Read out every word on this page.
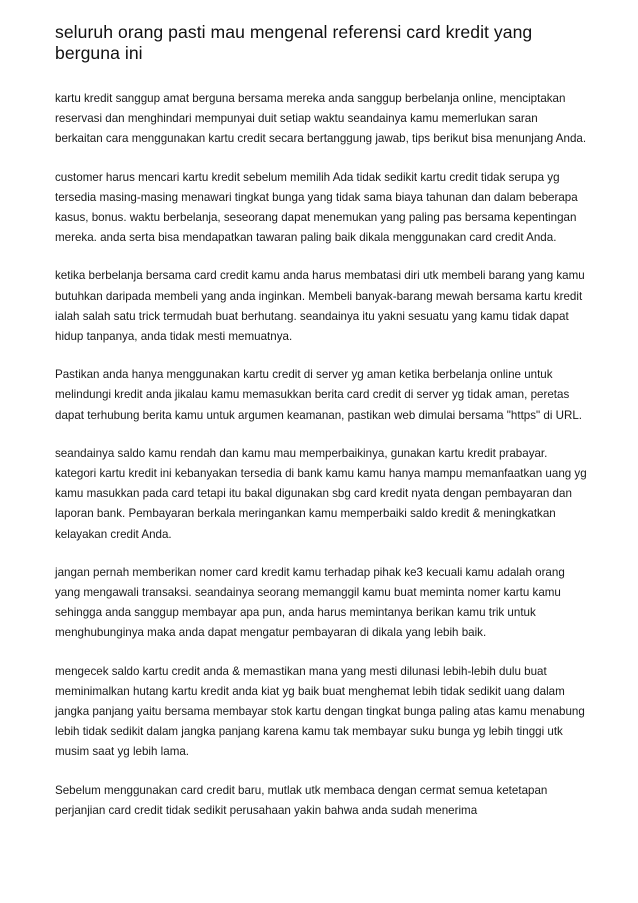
seluruh orang pasti mau mengenal referensi card kredit yang berguna ini

kartu kredit sanggup amat berguna bersama mereka anda sanggup berbelanja online, menciptakan reservasi dan menghindari mempunyai duit setiap waktu seandainya kamu memerlukan saran berkaitan cara menggunakan kartu credit secara bertanggung jawab, tips berikut bisa menunjang Anda.

customer harus mencari kartu kredit sebelum memilih Ada tidak sedikit kartu credit tidak serupa yg tersedia masing-masing menawari tingkat bunga yang tidak sama biaya tahunan dan dalam beberapa kasus, bonus. waktu berbelanja, seseorang dapat menemukan yang paling pas bersama kepentingan mereka. anda serta bisa mendapatkan tawaran paling baik dikala menggunakan card credit Anda.

ketika berbelanja bersama card credit kamu anda harus membatasi diri utk membeli barang yang kamu butuhkan daripada membeli yang anda inginkan. Membeli banyak-barang mewah bersama kartu kredit ialah salah satu trick termudah buat berhutang. seandainya itu yakni sesuatu yang kamu tidak dapat hidup tanpanya, anda tidak mesti memuatnya.

Pastikan anda hanya menggunakan kartu credit di server yg aman ketika berbelanja online untuk melindungi kredit anda jikalau kamu memasukkan berita card credit di server yg tidak aman, peretas dapat terhubung berita kamu untuk argumen keamanan, pastikan web dimulai bersama "https" di URL.

seandainya saldo kamu rendah dan kamu mau memperbaikinya, gunakan kartu kredit prabayar. kategori kartu kredit ini kebanyakan tersedia di bank kamu kamu hanya mampu memanfaatkan uang yg kamu masukkan pada card tetapi itu bakal digunakan sbg card kredit nyata dengan pembayaran dan laporan bank. Pembayaran berkala meringankan kamu memperbaiki saldo kredit & meningkatkan kelayakan credit Anda.

jangan pernah memberikan nomer card kredit kamu terhadap pihak ke3 kecuali kamu adalah orang yang mengawali transaksi. seandainya seorang memanggil kamu buat meminta nomer kartu kamu sehingga anda sanggup membayar apa pun, anda harus memintanya berikan kamu trik untuk menghubunginya maka anda dapat mengatur pembayaran di dikala yang lebih baik.

mengecek saldo kartu credit anda & memastikan mana yang mesti dilunasi lebih-lebih dulu buat meminimalkan hutang kartu kredit anda kiat yg baik buat menghemat lebih tidak sedikit uang dalam jangka panjang yaitu bersama membayar stok kartu dengan tingkat bunga paling atas kamu menabung lebih tidak sedikit dalam jangka panjang karena kamu tak membayar suku bunga yg lebih tinggi utk musim saat yg lebih lama.

Sebelum menggunakan card credit baru, mutlak utk membaca dengan cermat semua ketetapan perjanjian card credit tidak sedikit perusahaan yakin bahwa anda sudah menerima
